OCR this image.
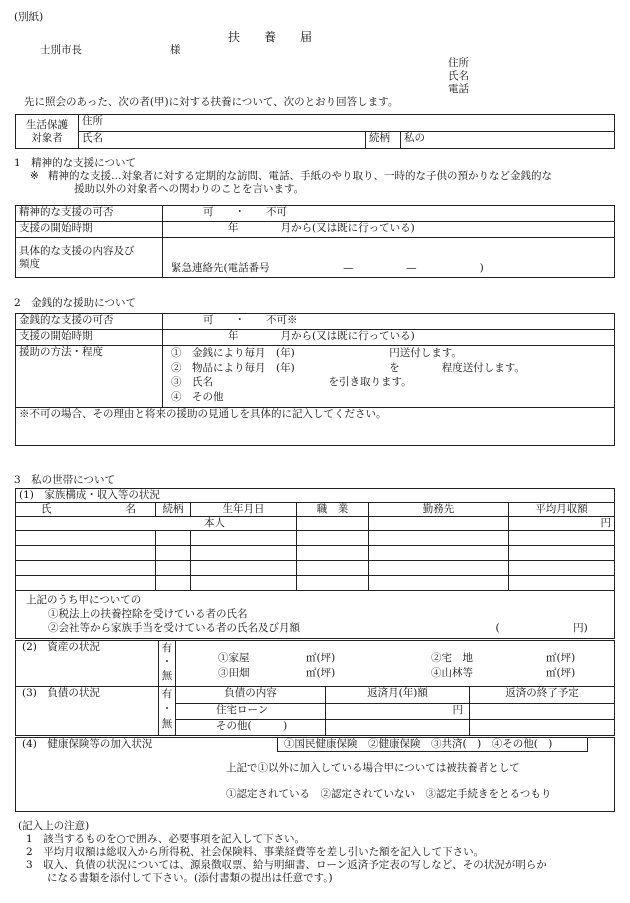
(別紙)
扶　養　届
士別市長	様
住所
氏名
電話
先に照会のあった、次の者(甲)に対する扶養について、次のとおり回答します。
生活保護
対象者	住所		
	氏名	続柄	私の
1　精神的な支援について
※ 精神的な支援…対象者に対する定期的な訪問、電話、手紙のやり取り、一時的な子供の預かりなど金銭的な
援助以外の対象者への関わりのことを言います。
精神的な支援の可否	可　　・　　不可
支援の開始時期	年　　　　月から(又は既に行っている)

具体的な支援の内容及び
頻度	緊急連絡先(電話番号　　　　　　　—　　　　　—　　　　　　)
2　金銭的な援助について
金銭的な支援の可否	可　　・　　不可※
支援の開始時期	年　　　　月から(又は既に行っている)
援助の方法・程度	①　金銭により毎月　(年)　　　　　　　　　円送付します。
②　物品により毎月　(年)　　　　　　　　　を　　　　程度送付します。
③　氏名　　　　　　　　　　　を引き取ります。
④　その他

※不可の場合、その理由と将来の援助の見通しを具体的に記入してください。	
3　私の世帯について
(1)　家族構成・収入等の状況					
氏 名	続柄	生年月日	職　業	勤務先	平均月収額
本人					円

上記のうち甲についての
①税法上の扶養控除を受けている者の氏名
②会社等から家族手当を受けている者の氏名及び月額 (　　　　　　　円)					
(2)　資産の状況	有
・
無

①家屋	㎡(坪)	②宅　地	㎡(坪)
③田畑	㎡(坪)	④山林等	㎡(坪)
(3)　負債の状況	有
・
無	負債の内容	返済月(年)額	返済の終了予定
		住宅ローン	円	
		その他(　　　)		
(4)　健康保険等の加入状況	①国民健康保険　②健康保険　③共済(　)　④その他(　)	

上記で①以外に加入している場合甲については被扶養者として
①認定されている　②認定されていない　③認定手続きをとるつもり
(記入上の注意)
1　該当するものを○で囲み、必要事項を記入して下さい。
2　平均月収額は総収入から所得税、社会保険料、事業経費等を差し引いた額を記入して下さい。
3　収入、負債の状況については、源泉徴収票、給与明細書、ローン返済予定表の写しなど、その状況が明らか
　　になる書類を添付して下さい。(添付書類の提出は任意です。)
